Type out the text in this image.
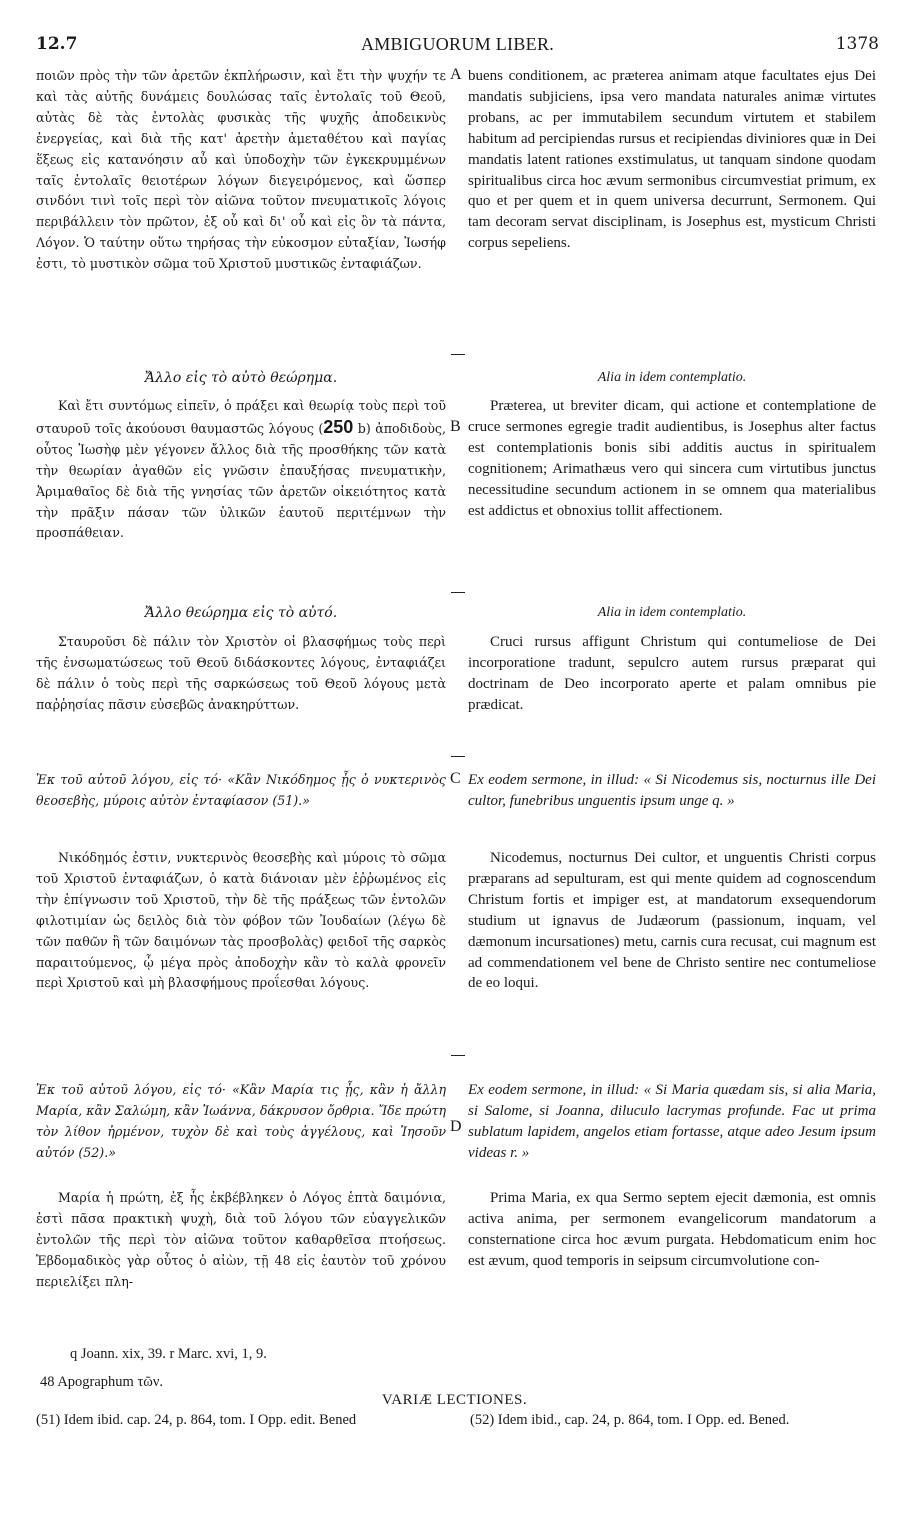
12.7	AMBIGUORUM LIBER.	1378
ποιῶν πρὸς τὴν τῶν ἀρετῶν ἐκπλήρωσιν, καὶ ἔτι τὴν ψυχήν τε καὶ τὰς αὐτῆς δυνάμεις δουλώσας ταῖς ἐντολαῖς τοῦ Θεοῦ, αὐτὰς δὲ τὰς ἐντολὰς φυσικὰς τῆς ψυχῆς ἀποδεικνὺς ἐνεργείας, καὶ διὰ τῆς κατ' ἀρετὴν ἀμεταθέτου καὶ παγίας ἕξεως εἰς κατανόησιν αὖ καὶ ὑποδοχὴν τῶν ἐγκεκρυμμένων ταῖς ἐντολαῖς θειοτέρων λόγων διεγειρόμενος, καὶ ὥσπερ σινδόνι τινὶ τοῖς περὶ τὸν αἰῶνα τοῦτον πνευματικοῖς λόγοις περιβάλλειν τὸν πρῶτον, ἐξ οὗ καὶ δι' οὗ καὶ εἰς ὃν τὰ πάντα, Λόγον. Ὁ ταύτην οὕτω τηρήσας τὴν εὐκοσμον εὐταξίαν, Ἰωσήφ ἐστι, τὸ μυστικὸν σῶμα τοῦ Χριστοῦ μυστικῶς ἐνταφιάζων.
A buens conditionem, ac præterea animam atque facultates ejus Dei mandatis subjiciens, ipsa vero mandata naturales animæ virtutes probans, ac per immutabilem secundum virtutem et stabilem habitum ad percipiendas rursus et recipiendas diviniores quæ in Dei mandatis latent rationes exstimulatus, ut tanquam sindone quodam spiritualibus circa hoc ævum sermonibus circumvestiat primum, ex quo et per quem et in quem universa decurrunt, Sermonem. Qui tam decoram servat disciplinam, is Josephus est, mysticum Christi corpus sepeliens.
Ἄλλο εἰς τὸ αὐτὸ θεώρημα.	Alia in idem contemplatio.
Καὶ ἔτι συντόμως εἰπεῖν, ὁ πράξει καὶ θεωρίᾳ τοὺς περὶ τοῦ σταυροῦ τοῖς ἀκούουσι θαυμαστῶς λόγους (250 b) ἀποδιδοὺς, οὗτος Ἰωσὴφ μὲν γέγονεν ἄλλος διὰ τῆς προσθήκης τῶν κατὰ τὴν θεωρίαν ἀγαθῶν εἰς γνῶσιν ἐπαυξήσας πνευματικὴν, Ἀριμαθαῖος δὲ διὰ τῆς γνησίας τῶν ἀρετῶν οἰκειότητος κατὰ τὴν πρᾶξιν πάσαν τῶν ὑλικῶν ἑαυτοῦ περιτέμνων τὴν προσπάθειαν.
B
Præterea, ut breviter dicam, qui actione et contemplatione de cruce sermones egregie tradit audientibus, is Josephus alter factus est contemplationis bonis sibi additis auctus in spiritualem cognitionem; Arimathæus vero qui sincera cum virtutibus junctus necessitudine secundum actionem in se omnem qua materialibus est addictus et obnoxius tollit affectionem.
Ἄλλο θεώρημα εἰς τὸ αὐτό.	Alia in idem contemplatio.
Σταυροῦσι δὲ πάλιν τὸν Χριστὸν οἱ βλασφήμως τοὺς περὶ τῆς ἐνσωματώσεως τοῦ Θεοῦ διδάσκοντες λόγους, ἐνταφιάζει δὲ πάλιν ὁ τοὺς περὶ τῆς σαρκώσεως τοῦ Θεοῦ λόγους μετὰ παῤῥησίας πᾶσιν εὐσεβῶς ἀνακηρύττων.
Cruci rursus affigunt Christum qui contumeliose de Dei incorporatione tradunt, sepulcro autem rursus præparat qui doctrinam de Deo incorporato aperte et palam omnibus pie prædicat.
Ἐκ τοῦ αὐτοῦ λόγου, εἰς τό· «Κἂν Νικόδημος ᾖς ὁ νυκτερινὸς θεοσεβὴς, μύροις αὐτὸν ἐνταφίασον (51).»
C Ex eodem sermone, in illud: « Si Nicodemus sis, nocturnus ille Dei cultor, funebribus unguentis ipsum unge q. »
Νικόδημός ἐστιν, νυκτερινὸς θεοσεβὴς καὶ μύροις τὸ σῶμα τοῦ Χριστοῦ ἐνταφιάζων, ὁ κατὰ διάνοιαν μὲν ἐῤῥωμένος εἰς τὴν ἐπίγνωσιν τοῦ Χριστοῦ, τὴν δὲ τῆς πράξεως τῶν ἐντολῶν φιλοτιμίαν ὡς δειλὸς διὰ τὸν φόβον τῶν Ἰουδαίων (λέγω δὲ τῶν παθῶν ἢ τῶν δαιμόνων τὰς προσβολὰς) φειδοῖ τῆς σαρκὸς παραιτούμενος, ᾧ μέγα πρὸς ἀποδοχὴν κἂν τὸ καλὰ φρονεῖν περὶ Χριστοῦ καὶ μὴ βλασφήμους προΐεσθαι λόγους.
Nicodemus, nocturnus Dei cultor, et unguentis Christi corpus præparans ad sepulturam, est qui mente quidem ad cognoscendum Christum fortis et impiger est, at mandatorum exsequendorum studium ut ignavus de Judæorum (passionum, inquam, vel dæmonum incursationes) metu, carnis cura recusat, cui magnum est ad commendationem vel bene de Christo sentire nec contumeliose de eo loqui.
Ἐκ τοῦ αὐτοῦ λόγου, εἰς τό· «Κἂν Μαρία τις ᾖς, κἂν ἡ ἄλλη Μαρία, κἂν Σαλώμη, κἂν Ἰωάννα, δάκρυσον ὄρθρια. Ἴδε πρώτη τὸν λίθον ἠρμένον, τυχὸν δὲ καὶ τοὺς ἀγγέλους, καὶ Ἰησοῦν αὐτόν (52).»
D
Ex eodem sermone, in illud: « Si Maria quædam sis, si alia Maria, si Salome, si Joanna, diluculo lacrymas profunde. Fac ut prima sublatum lapidem, angelos etiam fortasse, atque adeo Jesum ipsum videas r. »
Μαρία ἡ πρώτη, ἐξ ἧς ἐκβέβληκεν ὁ Λόγος ἑπτὰ δαιμόνια, ἐστὶ πᾶσα πρακτικὴ ψυχὴ, διὰ τοῦ λόγου τῶν εὐαγγελικῶν ἐντολῶν τῆς περὶ τὸν αἰῶνα τοῦτον καθαρθεῖσα πτοήσεως. Ἑβδομαδικὸς γὰρ οὗτος ὁ αἰὼν, τῇ 48 εἰς ἑαυτὸν τοῦ χρόνου περιελίξει πλη-
Prima Maria, ex qua Sermo septem ejecit dæmonia, est omnis activa anima, per sermonem evangelicorum mandatorum a consternatione circa hoc ævum purgata. Hebdomaticum enim hoc est ævum, quod temporis in seipsum circumvolutione con-
q Joann. xix, 39. r Marc. xvi, 1, 9.
VARIÆ LECTIONES.
48 Apographum τῶν.
(51) Idem ibid. cap. 24, p. 864, tom. I Opp. edit. Bened	(52) Idem ibid., cap. 24, p. 864, tom. I Opp. ed. Bened.
